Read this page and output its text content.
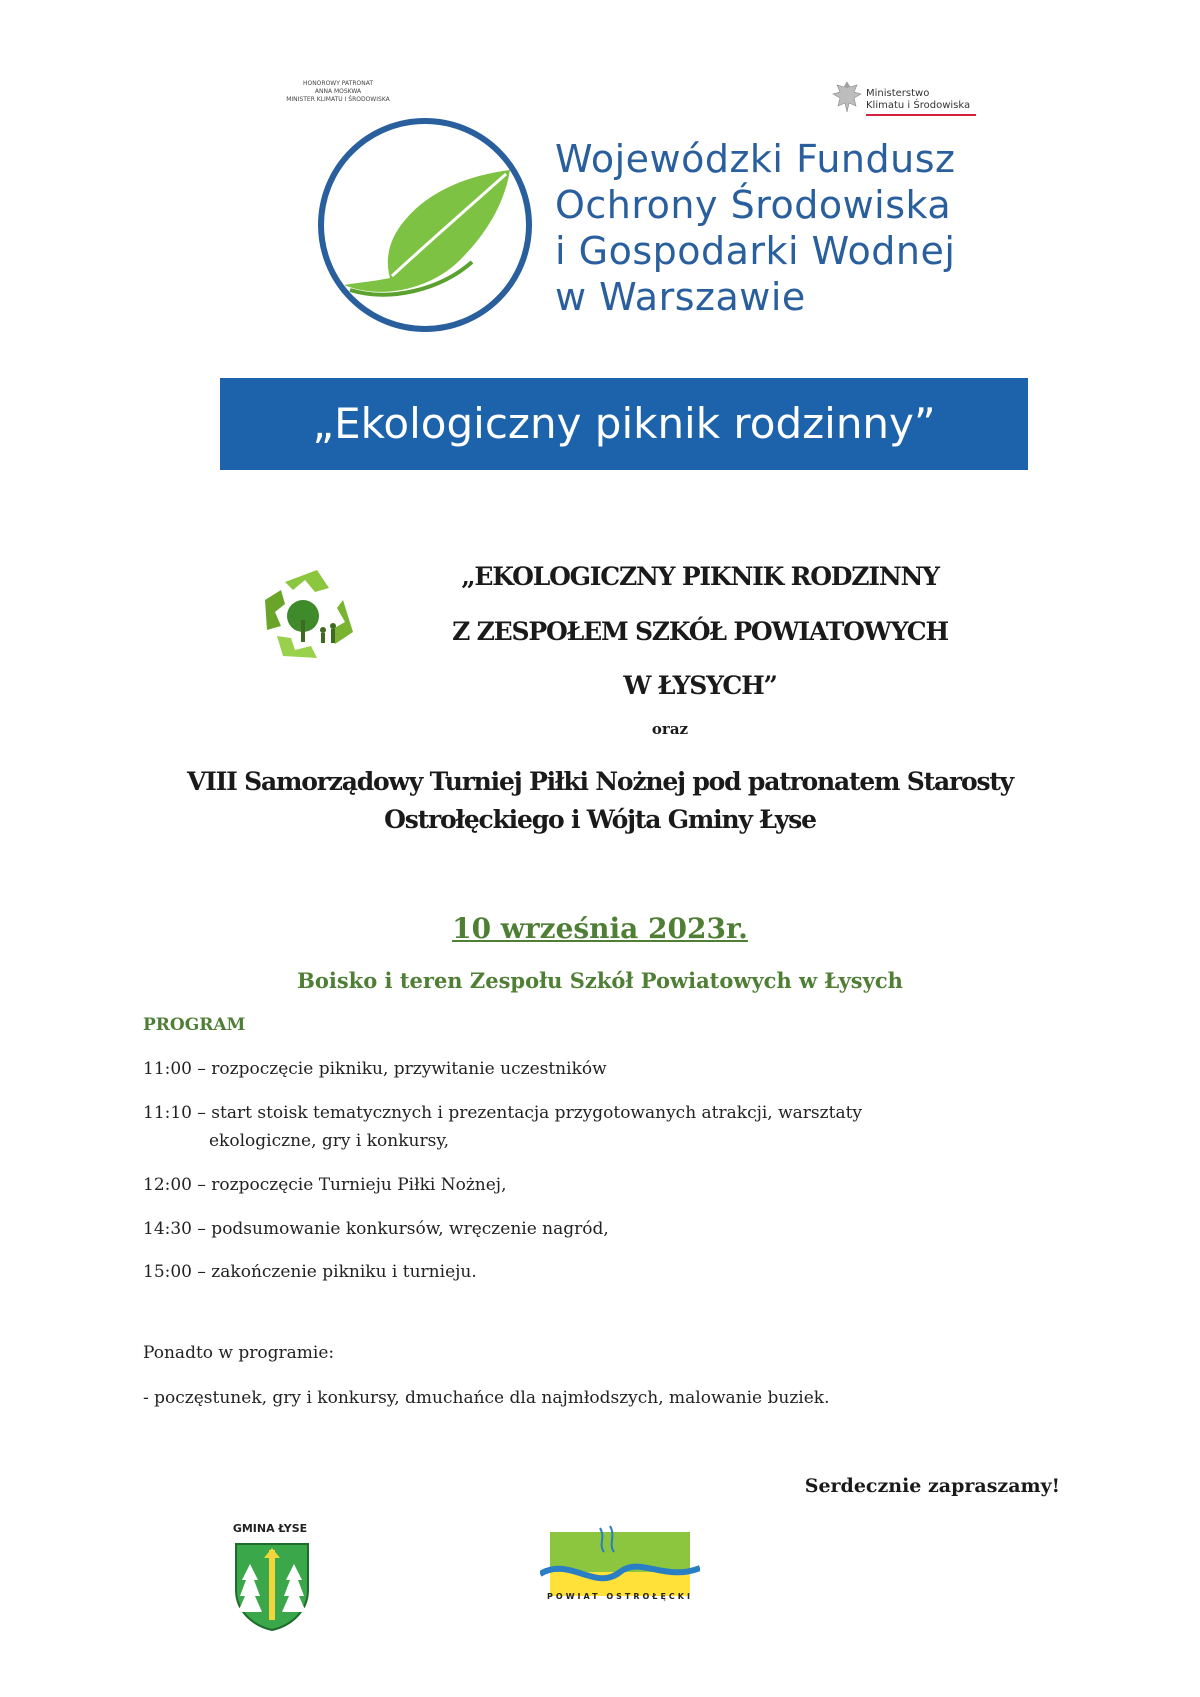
HONOROWY PATRONAT
ANNA MOSKWA
MINISTER KLIMATU I ŚRODOWISKA
Ministerstwo
Klimatu i Środowiska
Wojewódzki Fundusz
Ochrony Środowiska
i Gospodarki Wodnej
w Warszawie
„Ekologiczny piknik rodzinny”
„EKOLOGICZNY PIKNIK RODZINNY
Z ZESPOŁEM SZKÓŁ POWIATOWYCH
W ŁYSYCH”
oraz
VIII Samorządowy Turniej Piłki Nożnej pod patronatem Starosty
Ostrołęckiego i Wójta Gminy Łyse
10 września 2023r.
Boisko i teren Zespołu Szkół Powiatowych w Łysych
PROGRAM
11:00 – rozpoczęcie pikniku, przywitanie uczestników
11:10 – start stoisk tematycznych i prezentacja przygotowanych atrakcji, warsztaty
ekologiczne, gry i konkursy,
12:00 – rozpoczęcie Turnieju Piłki Nożnej,
14:30 – podsumowanie konkursów, wręczenie nagród,
15:00 – zakończenie pikniku i turnieju.
Ponadto w programie:
- poczęstunek, gry i konkursy, dmuchańce dla najmłodszych, malowanie buziek.
Serdecznie zapraszamy!
GMINA ŁYSE
POWIAT OSTROŁĘCKI
